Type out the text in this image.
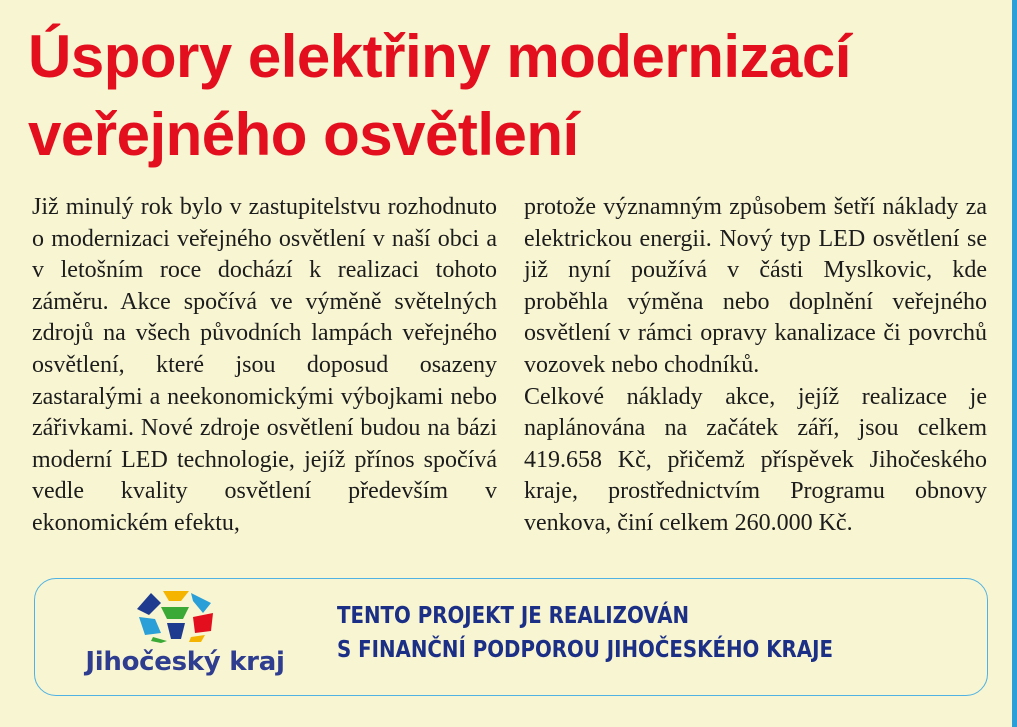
Úspory elektřiny modernizací
veřejného osvětlení

Již minulý rok bylo v zastupitelstvu rozhodnuto o modernizaci veřejného osvětlení v naší obci a v letošním roce dochází k realizaci tohoto záměru. Akce spočívá ve výměně světelných zdrojů na všech původních lampách veřejného osvětlení, které jsou doposud osazeny zastaralými a neekonomickými výbojkami nebo zářivkami. Nové zdroje osvětlení budou na bázi moderní LED technologie, jejíž přínos spočívá vedle kvality osvětlení především v ekonomickém efektu,

protože významným způsobem šetří náklady za elektrickou energii. Nový typ LED osvětlení se již nyní používá v části Myslkovic, kde proběhla výměna nebo doplnění veřejného osvětlení v rámci opravy kanalizace či povrchů vozovek nebo chodníků.

Celkové náklady akce, jejíž realizace je naplánována na začátek září, jsou celkem 419.658 Kč, přičemž příspěvek Jihočeského kraje, prostřednictvím Programu obnovy venkova, činí celkem 260.000 Kč.

Jihočeský kraj
TENTO PROJEKT JE REALIZOVÁN
S FINANČNÍ PODPOROU JIHOČESKÉHO KRAJE
